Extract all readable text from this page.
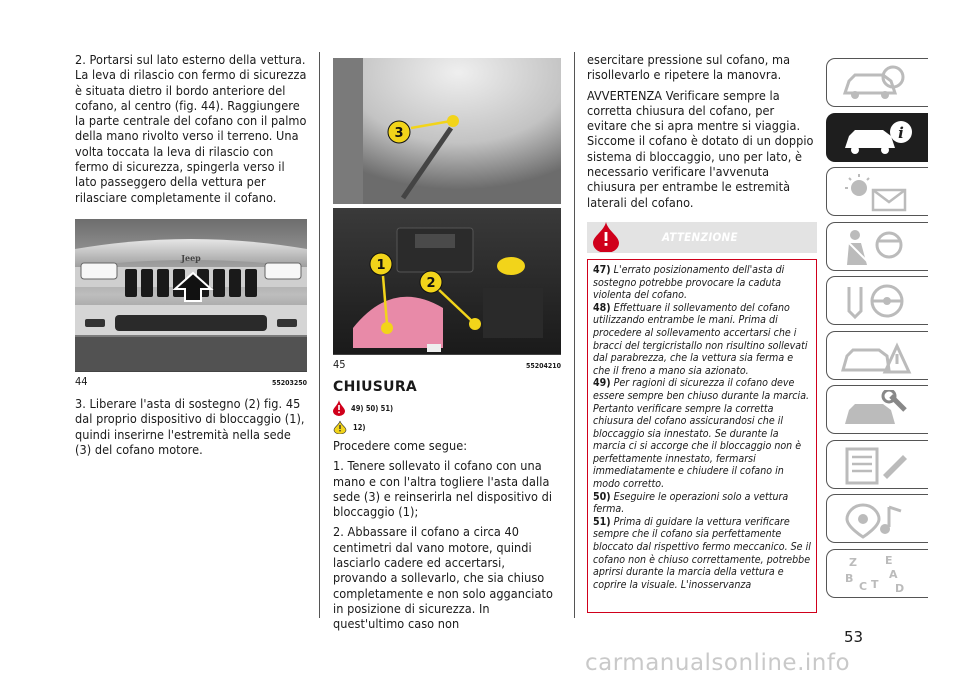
2. Portarsi sul lato esterno della vettura. La leva di rilascio con fermo di sicurezza è situata dietro il bordo anteriore del cofano, al centro (fig. 44). Raggiungere la parte centrale del cofano con il palmo della mano rivolto verso il terreno. Una volta toccata la leva di rilascio con fermo di sicurezza, spingerla verso il lato passeggero della vettura per rilasciare completamente il cofano.

Jeep
44	55203250

3. Liberare l'asta di sostegno (2) fig. 45 dal proprio dispositivo di bloccaggio (1), quindi inserirne l'estremità nella sede (3) del cofano motore.

3
1
2
45	55204210
CHIUSURA
49) 50) 51)
12)

Procedere come segue:

1. Tenere sollevato il cofano con una mano e con l'altra togliere l'asta dalla sede (3) e reinserirla nel dispositivo di bloccaggio (1);

2. Abbassare il cofano a circa 40 centimetri dal vano motore, quindi lasciarlo cadere ed accertarsi, provando a sollevarlo, che sia chiuso completamente e non solo agganciato in posizione di sicurezza. In quest'ultimo caso non

esercitare pressione sul cofano, ma risollevarlo e ripetere la manovra.

AVVERTENZA Verificare sempre la corretta chiusura del cofano, per evitare che si apra mentre si viaggia. Siccome il cofano è dotato di un doppio sistema di bloccaggio, uno per lato, è necessario verificare l'avvenuta chiusura per entrambe le estremità laterali del cofano.

ATTENZIONE

47) L'errato posizionamento dell'asta di sostegno potrebbe provocare la caduta violenta del cofano.

48) Effettuare il sollevamento del cofano utilizzando entrambe le mani. Prima di procedere al sollevamento accertarsi che i bracci del tergicristallo non risultino sollevati dal parabrezza, che la vettura sia ferma e che il freno a mano sia azionato.

49) Per ragioni di sicurezza il cofano deve essere sempre ben chiuso durante la marcia. Pertanto verificare sempre la corretta chiusura del cofano assicurandosi che il bloccaggio sia innestato. Se durante la marcia ci si accorge che il bloccaggio non è perfettamente innestato, fermarsi immediatamente e chiudere il cofano in modo corretto.

50) Eseguire le operazioni solo a vettura ferma.

51) Prima di guidare la vettura verificare sempre che il cofano sia perfettamente bloccato dal rispettivo fermo meccanico. Se il cofano non è chiuso correttamente, potrebbe aprirsi durante la marcia della vettura e coprire la visuale. L'inosservanza

i
Z	E
B	A
C T D
53
carmanualsonline.info
